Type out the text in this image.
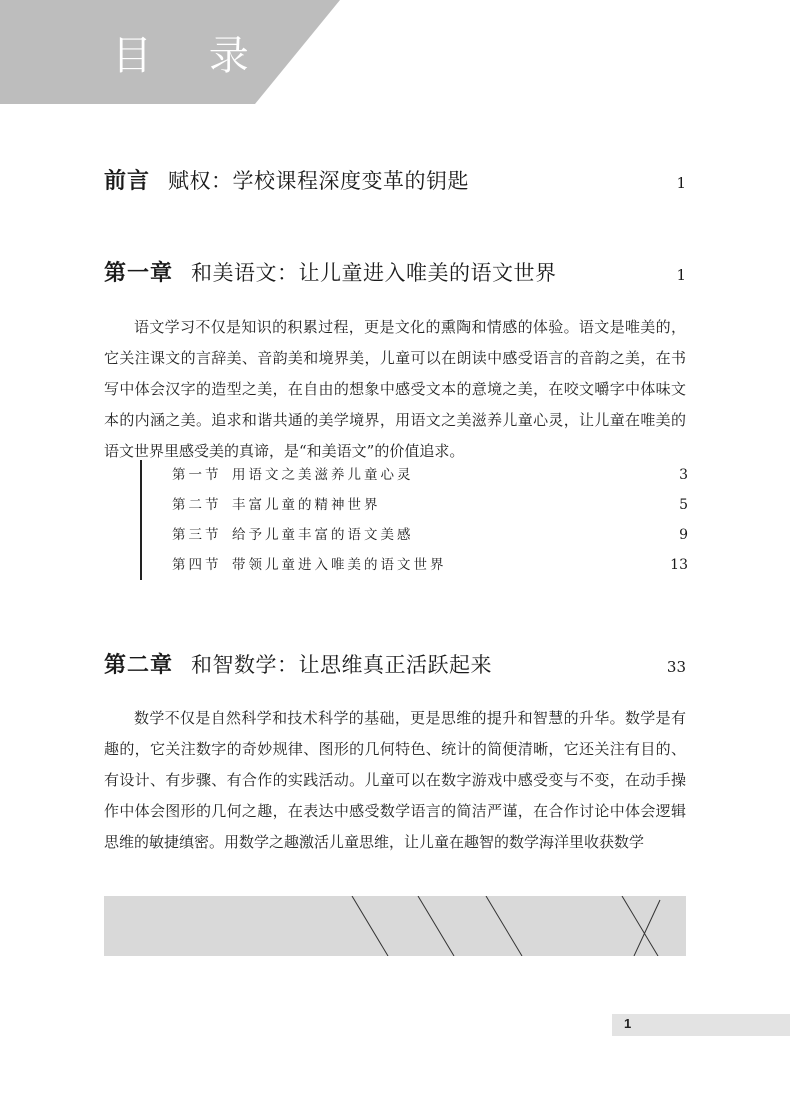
目 录
前言 赋权：学校课程深度变革的钥匙	1
第一章 和美语文：让儿童进入唯美的语文世界	1

语文学习不仅是知识的积累过程，更是文化的熏陶和情感的体验。语文是唯美的，它关注课文的言辞美、音韵美和境界美，儿童可以在朗读中感受语言的音韵之美，在书写中体会汉字的造型之美，在自由的想象中感受文本的意境之美，在咬文嚼字中体味文本的内涵之美。追求和谐共通的美学境界，用语文之美滋养儿童心灵，让儿童在唯美的语文世界里感受美的真谛，是“和美语文”的价值追求。

第一节 用语文之美滋养儿童心灵	3
第二节 丰富儿童的精神世界	5
第三节 给予儿童丰富的语文美感	9
第四节 带领儿童进入唯美的语文世界	13
第二章 和智数学：让思维真正活跃起来	33

数学不仅是自然科学和技术科学的基础，更是思维的提升和智慧的升华。数学是有趣的，它关注数字的奇妙规律、图形的几何特色、统计的简便清晰，它还关注有目的、有设计、有步骤、有合作的实践活动。儿童可以在数字游戏中感受变与不变，在动手操作中体会图形的几何之趣，在表达中感受数学语言的简洁严谨，在合作讨论中体会逻辑思维的敏捷缜密。用数学之趣激活儿童思维，让儿童在趣智的数学海洋里收获数学

1
